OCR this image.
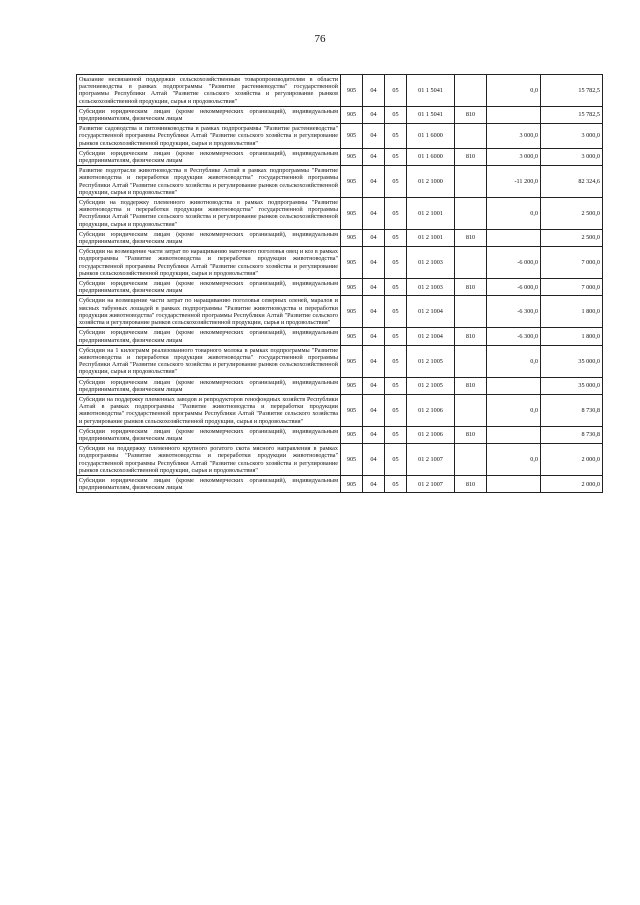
76
Оказание несвязанной поддержки сельскохозяйственным товаропроизводителям в области растениеводства в рамках подпрограммы "Развитие растениеводства" государственной программы Республики Алтай "Развитие сельского хозяйства и регулирование рынков сельскохозяйственной продукции, сырья и продовольствия"	905	04	05	01 1 5041		0,0	15 782,5
Субсидии юридическим лицам (кроме некоммерческих организаций), индивидуальным предпринимателям, физическим лицам	905	04	05	01 1 5041	810		15 782,5
Развитие садоводства и питомниководства в рамках подпрограммы "Развитие растениеводства" государственной программы Республики Алтай "Развитие сельского хозяйства и регулирование рынков сельскохозяйственной продукции, сырья и продовольствия"	905	04	05	01 1 6000		3 000,0	3 000,0
Субсидии юридическим лицам (кроме некоммерческих организаций), индивидуальным предпринимателям, физическим лицам	905	04	05	01 1 6000	810	3 000,0	3 000,0
Развитие подотрасли животноводства в Республике Алтай в рамках подпрограммы "Развитие животноводства и переработки продукции животноводства" государственной программы Республики Алтай "Развитие сельского хозяйства и регулирование рынков сельскохозяйственной продукции, сырья и продовольствия"	905	04	05	01 2 1000		-11 200,0	82 324,6
Субсидии на поддержку племенного животноводства в рамках подпрограммы "Развитие животноводства и переработки продукции животноводства" государственной программы Республики Алтай "Развитие сельского хозяйства и регулирование рынков сельскохозяйственной продукции, сырья и продовольствия"	905	04	05	01 2 1001		0,0	2 500,0
Субсидии юридическим лицам (кроме некоммерческих организаций), индивидуальным предпринимателям, физическим лицам	905	04	05	01 2 1001	810		2 500,0
Субсидии на возмещение части затрат по наращиванию маточного поголовья овец и коз в рамках подпрограммы "Развитие животноводства и переработки продукции животноводства" государственной программы Республики Алтай "Развитие сельского хозяйства и регулирование рынков сельскохозяйственной продукции, сырья и продовольствия"	905	04	05	01 2 1003		-6 000,0	7 000,0
Субсидии юридическим лицам (кроме некоммерческих организаций), индивидуальным предпринимателям, физическим лицам	905	04	05	01 2 1003	810	-6 000,0	7 000,0
Субсидии на возмещение части затрат по наращиванию поголовья северных оленей, маралов и мясных табунных лошадей в рамках подпрограммы "Развитие животноводства и переработки продукции животноводства" государственной программы Республики Алтай "Развитие сельского хозяйства и регулирование рынков сельскохозяйственной продукции, сырья и продовольствия"	905	04	05	01 2 1004		-6 300,0	1 800,0
Субсидии юридическим лицам (кроме некоммерческих организаций), индивидуальным предпринимателям, физическим лицам	905	04	05	01 2 1004	810	-6 300,0	1 800,0
Субсидии на 1 килограмм реализованного товарного молока в рамках подпрограммы "Развитие животноводства и переработки продукции животноводства" государственной программы Республики Алтай "Развитие сельского хозяйства и регулирование рынков сельскохозяйственной продукции, сырья и продовольствия"	905	04	05	01 2 1005		0,0	35 000,0
Субсидии юридическим лицам (кроме некоммерческих организаций), индивидуальным предпринимателям, физическим лицам	905	04	05	01 2 1005	810		35 000,0
Субсидии на поддержку племенных заводов и репродукторов генофондных хозяйств Республики Алтай в рамках подпрограммы "Развитие животноводства и переработки продукции животноводства" государственной программы Республики Алтай "Развитие сельского хозяйства и регулирование рынков сельскохозяйственной продукции, сырья и продовольствия"	905	04	05	01 2 1006		0,0	8 730,8
Субсидии юридическим лицам (кроме некоммерческих организаций), индивидуальным предпринимателям, физическим лицам	905	04	05	01 2 1006	810		8 730,8
Субсидии на поддержку племенного крупного рогатого скота мясного направления в рамках подпрограммы "Развитие животноводства и переработки продукции животноводства" государственной программы Республики Алтай "Развитие сельского хозяйства и регулирование рынков сельскохозяйственной продукции, сырья и продовольствия"	905	04	05	01 2 1007		0,0	2 000,0
Субсидии юридическим лицам (кроме некоммерческих организаций), индивидуальным предпринимателям, физическим лицам	905	04	05	01 2 1007	810		2 000,0
